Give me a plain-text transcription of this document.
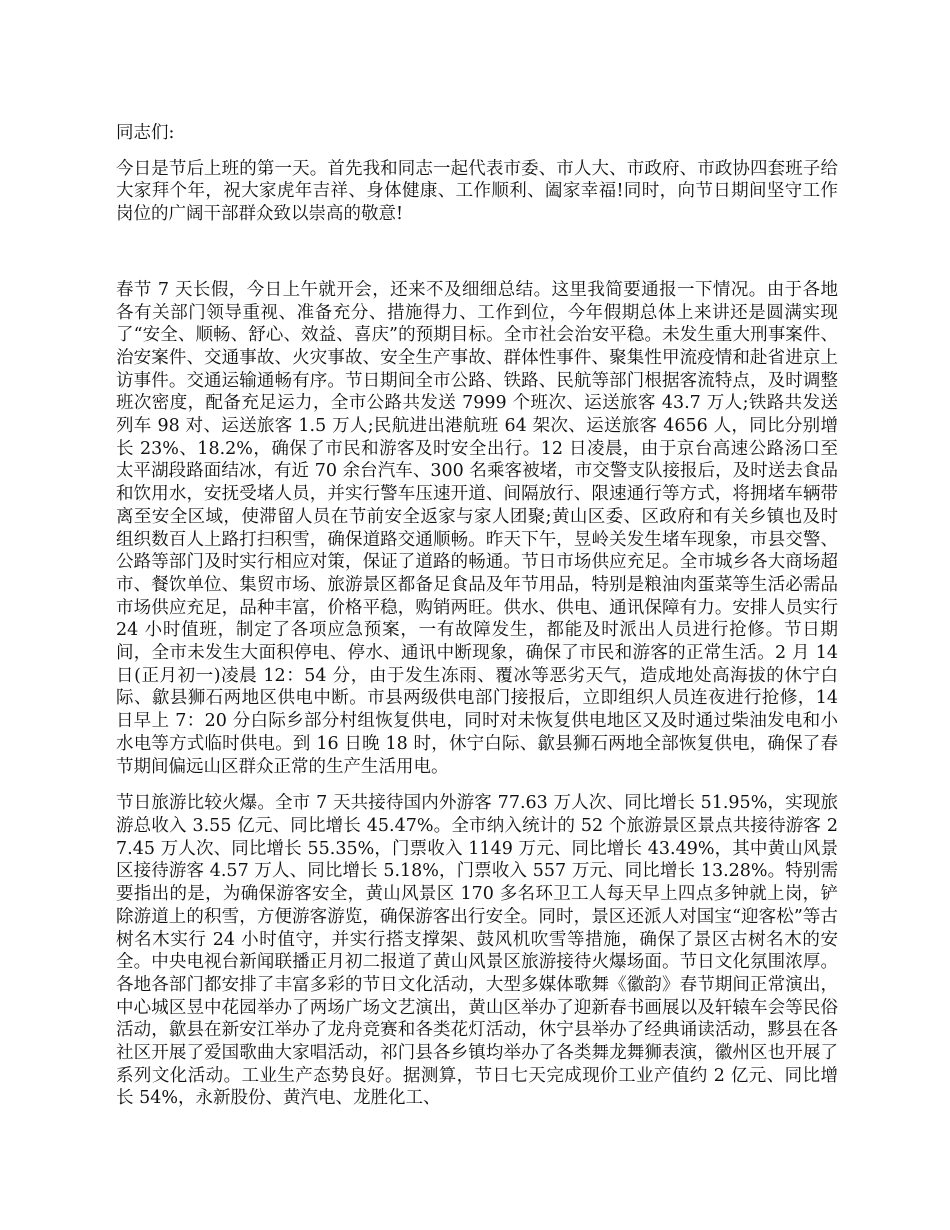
同志们:

今日是节后上班的第一天。首先我和同志一起代表市委、市人大、市政府、市政协四套班子给大家拜个年，祝大家虎年吉祥、身体健康、工作顺利、阖家幸福!同时，向节日期间坚守工作岗位的广阔干部群众致以崇高的敬意!

春节 7 天长假，今日上午就开会，还来不及细细总结。这里我简要通报一下情况。由于各地各有关部门领导重视、准备充分、措施得力、工作到位，今年假期总体上来讲还是圆满实现了“安全、顺畅、舒心、效益、喜庆”的预期目标。全市社会治安平稳。未发生重大刑事案件、治安案件、交通事故、火灾事故、安全生产事故、群体性事件、聚集性甲流疫情和赴省进京上访事件。交通运输通畅有序。节日期间全市公路、铁路、民航等部门根据客流特点，及时调整班次密度，配备充足运力，全市公路共发送 7999 个班次、运送旅客 43.7 万人;铁路共发送列车 98 对、运送旅客 1.5 万人;民航进出港航班 64 架次、运送旅客 4656 人，同比分别增长 23%、18.2%，确保了市民和游客及时安全出行。12 日凌晨，由于京台高速公路汤口至太平湖段路面结冰，有近 70 余台汽车、300 名乘客被堵，市交警支队接报后，及时送去食品和饮用水，安抚受堵人员，并实行警车压速开道、间隔放行、限速通行等方式，将拥堵车辆带离至安全区域，使滞留人员在节前安全返家与家人团聚;黄山区委、区政府和有关乡镇也及时组织数百人上路打扫积雪，确保道路交通顺畅。昨天下午，昱岭关发生堵车现象，市县交警、公路等部门及时实行相应对策，保证了道路的畅通。节日市场供应充足。全市城乡各大商场超市、餐饮单位、集贸市场、旅游景区都备足食品及年节用品，特别是粮油肉蛋菜等生活必需品市场供应充足，品种丰富，价格平稳，购销两旺。供水、供电、通讯保障有力。安排人员实行 24 小时值班，制定了各项应急预案，一有故障发生，都能及时派出人员进行抢修。节日期间，全市未发生大面积停电、停水、通讯中断现象，确保了市民和游客的正常生活。2 月 14 日(正月初一)凌晨 12：54 分，由于发生冻雨、覆冰等恶劣天气，造成地处高海拔的休宁白际、歙县狮石两地区供电中断。市县两级供电部门接报后，立即组织人员连夜进行抢修，14 日早上 7：20 分白际乡部分村组恢复供电，同时对未恢复供电地区又及时通过柴油发电和小水电等方式临时供电。到 16 日晚 18 时，休宁白际、歙县狮石两地全部恢复供电，确保了春节期间偏远山区群众正常的生产生活用电。

节日旅游比较火爆。全市 7 天共接待国内外游客 77.63 万人次、同比增长 51.95%，实现旅游总收入 3.55 亿元、同比增长 45.47%。全市纳入统计的 52 个旅游景区景点共接待游客 27.45 万人次、同比增长 55.35%，门票收入 1149 万元、同比增长 43.49%，其中黄山风景区接待游客 4.57 万人、同比增长 5.18%，门票收入 557 万元、同比增长 13.28%。特别需要指出的是，为确保游客安全，黄山风景区 170 多名环卫工人每天早上四点多钟就上岗，铲除游道上的积雪，方便游客游览，确保游客出行安全。同时，景区还派人对国宝“迎客松”等古树名木实行 24 小时值守，并实行搭支撑架、鼓风机吹雪等措施，确保了景区古树名木的安全。中央电视台新闻联播正月初二报道了黄山风景区旅游接待火爆场面。节日文化氛围浓厚。各地各部门都安排了丰富多彩的节日文化活动，大型多媒体歌舞《徽韵》春节期间正常演出，中心城区昱中花园举办了两场广场文艺演出，黄山区举办了迎新春书画展以及轩辕车会等民俗活动，歙县在新安江举办了龙舟竞赛和各类花灯活动，休宁县举办了经典诵读活动，黟县在各社区开展了爱国歌曲大家唱活动，祁门县各乡镇均举办了各类舞龙舞狮表演，徽州区也开展了系列文化活动。工业生产态势良好。据测算，节日七天完成现价工业产值约 2 亿元、同比增长 54%，永新股份、黄汽电、龙胜化工、
